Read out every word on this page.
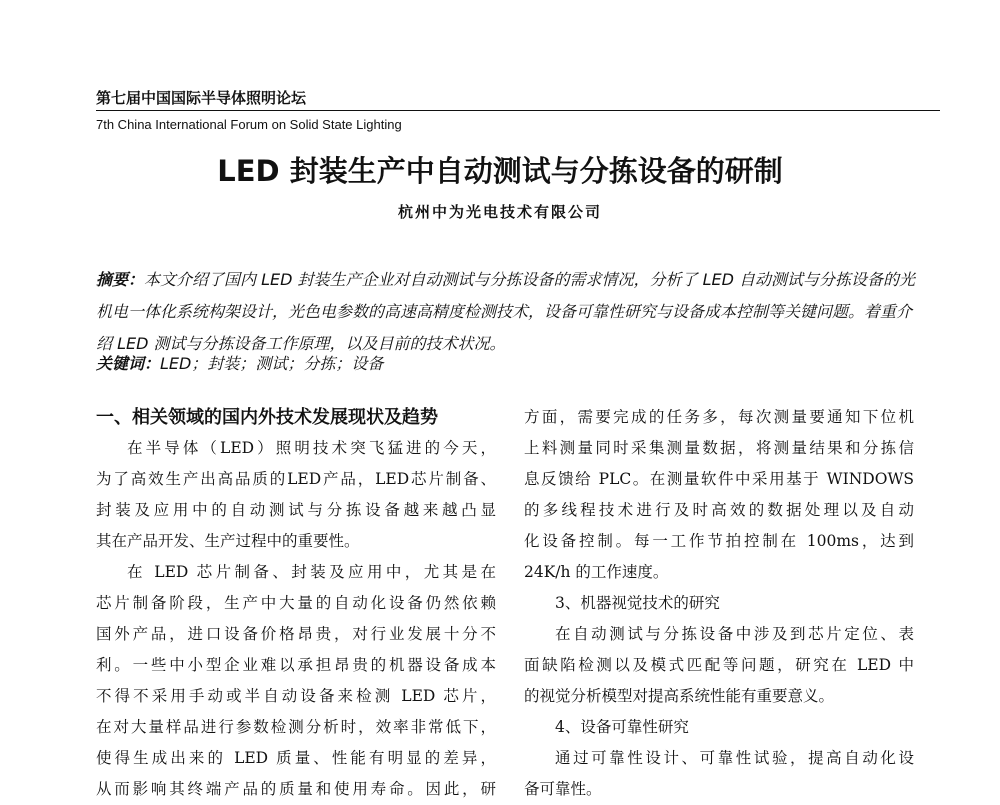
第七届中国国际半导体照明论坛
7th China International Forum on Solid State Lighting
LED 封装生产中自动测试与分拣设备的研制
杭州中为光电技术有限公司
摘要：本文介绍了国内 LED 封装生产企业对自动测试与分拣设备的需求情况，分析了 LED 自动测试与分拣设备的光机电一体化系统构架设计，光色电参数的高速高精度检测技术，设备可靠性研究与设备成本控制等关键问题。着重介绍 LED 测试与分拣设备工作原理，以及目前的技术状况。
关键词：LED；封装；测试；分拣；设备
一、相关领域的国内外技术发展现状及趋势
在半导体（LED）照明技术突飞猛进的今天，
为了高效生产出高品质的LED产品，LED芯片制备、
封装及应用中的自动测试与分拣设备越来越凸显
其在产品开发、生产过程中的重要性。
在 LED 芯片制备、封装及应用中，尤其是在
芯片制备阶段，生产中大量的自动化设备仍然依赖
国外产品，进口设备价格昂贵，对行业发展十分不
利。一些中小型企业难以承担昂贵的机器设备成本
不得不采用手动或半自动设备来检测 LED 芯片，
在对大量样品进行参数检测分析时，效率非常低下，
使得生成出来的 LED 质量、性能有明显的差异，
从而影响其终端产品的质量和使用寿命。因此，研
方面，需要完成的任务多，每次测量要通知下位机
上料测量同时采集测量数据，将测量结果和分拣信
息反馈给 PLC。在测量软件中采用基于 WINDOWS
的多线程技术进行及时高效的数据处理以及自动
化设备控制。每一工作节拍控制在 100ms，达到
24K/h 的工作速度。
3、机器视觉技术的研究
在自动测试与分拣设备中涉及到芯片定位、表
面缺陷检测以及模式匹配等问题，研究在 LED 中
的视觉分析模型对提高系统性能有重要意义。
4、设备可靠性研究
通过可靠性设计、可靠性试验，提高自动化设
备可靠性。
